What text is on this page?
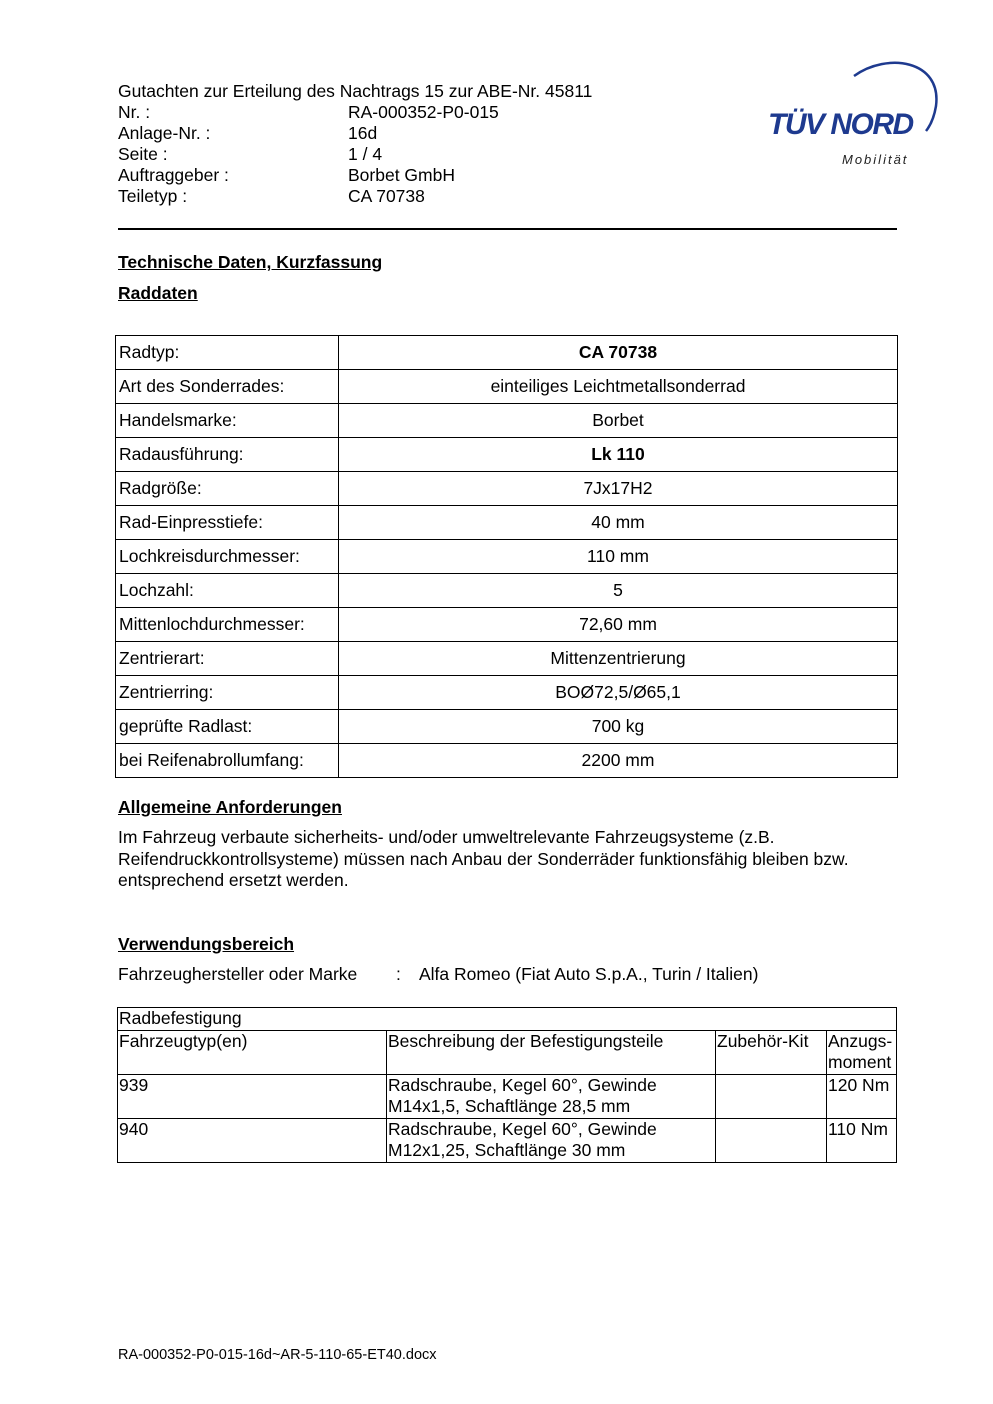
Gutachten zur Erteilung des Nachtrags 15 zur ABE-Nr. 45811
Nr. :	RA-000352-P0-015
Anlage-Nr. :	16d
Seite :	1 / 4
Auftraggeber :	Borbet GmbH
Teiletyp :	CA 70738
TÜV NORD
Mobilität
Technische Daten, Kurzfassung
Raddaten
Radtyp:	CA 70738
Art des Sonderrades:	einteiliges Leichtmetallsonderrad
Handelsmarke:	Borbet
Radausführung:	Lk 110
Radgröße:	7Jx17H2
Rad-Einpresstiefe:	40 mm
Lochkreisdurchmesser:	110 mm
Lochzahl:	5
Mittenlochdurchmesser:	72,60 mm
Zentrierart:	Mittenzentrierung
Zentrierring:	BOØ72,5/Ø65,1
geprüfte Radlast:	700 kg
bei Reifenabrollumfang:	2200 mm
Allgemeine Anforderungen
Im Fahrzeug verbaute sicherheits- und/oder umweltrelevante Fahrzeugsysteme (z.B.
Reifendruckkontrollsysteme) müssen nach Anbau der Sonderräder funktionsfähig bleiben bzw.
entsprechend ersetzt werden.
Verwendungsbereich
Fahrzeughersteller oder Marke	:	Alfa Romeo (Fiat Auto S.p.A., Turin / Italien)
Radbefestigung			
Fahrzeugtyp(en)	Beschreibung der Befestigungsteile	Zubehör-Kit	Anzugs-
moment

939	Radschraube, Kegel 60°, Gewinde
M14x1,5, Schaftlänge 28,5 mm		120 Nm
940	Radschraube, Kegel 60°, Gewinde
M12x1,25, Schaftlänge 30 mm		110 Nm
RA-000352-P0-015-16d~AR-5-110-65-ET40.docx
